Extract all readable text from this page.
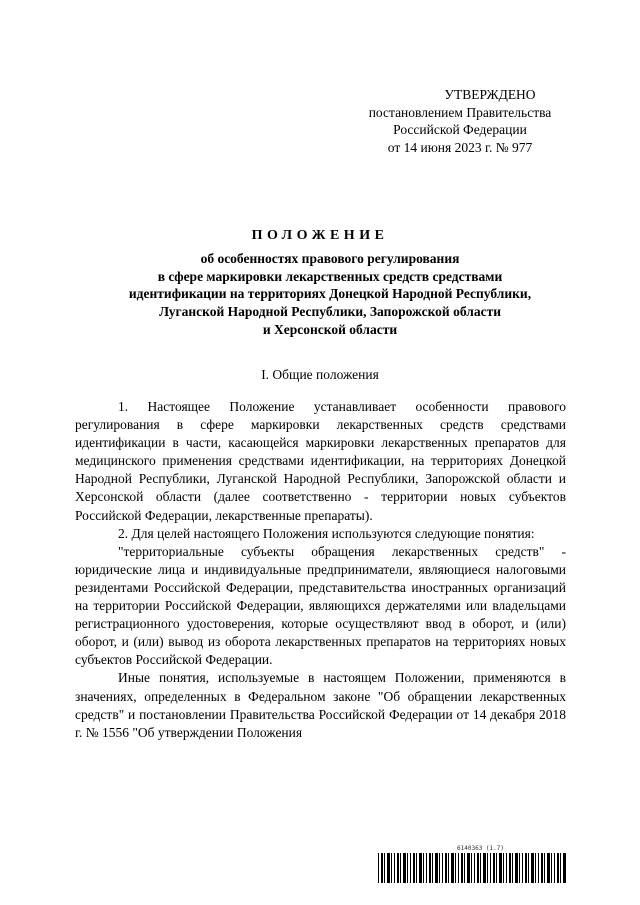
УТВЕРЖДЕНО
постановлением Правительства
Российской Федерации
от 14 июня 2023 г. № 977
ПОЛОЖЕНИЕ
об особенностях правового регулирования
в сфере маркировки лекарственных средств средствами
идентификации на территориях Донецкой Народной Республики,
Луганской Народной Республики, Запорожской области
и Херсонской области
I. Общие положения

1. Настоящее Положение устанавливает особенности правового регулирования в сфере маркировки лекарственных средств средствами идентификации в части, касающейся маркировки лекарственных препаратов для медицинского применения средствами идентификации, на территориях Донецкой Народной Республики, Луганской Народной Республики, Запорожской области и Херсонской области (далее соответственно - территории новых субъектов Российской Федерации, лекарственные препараты).

2. Для целей настоящего Положения используются следующие понятия:

"территориальные субъекты обращения лекарственных средств" - юридические лица и индивидуальные предприниматели, являющиеся налоговыми резидентами Российской Федерации, представительства иностранных организаций на территории Российской Федерации, являющихся держателями или владельцами регистрационного удостоверения, которые осуществляют ввод в оборот, и (или) оборот, и (или) вывод из оборота лекарственных препаратов на территориях новых субъектов Российской Федерации.

Иные понятия, используемые в настоящем Положении, применяются в значениях, определенных в Федеральном законе "Об обращении лекарственных средств" и постановлении Правительства Российской Федерации от 14 декабря 2018 г. № 1556 "Об утверждении Положения

6140363 (1.7)
